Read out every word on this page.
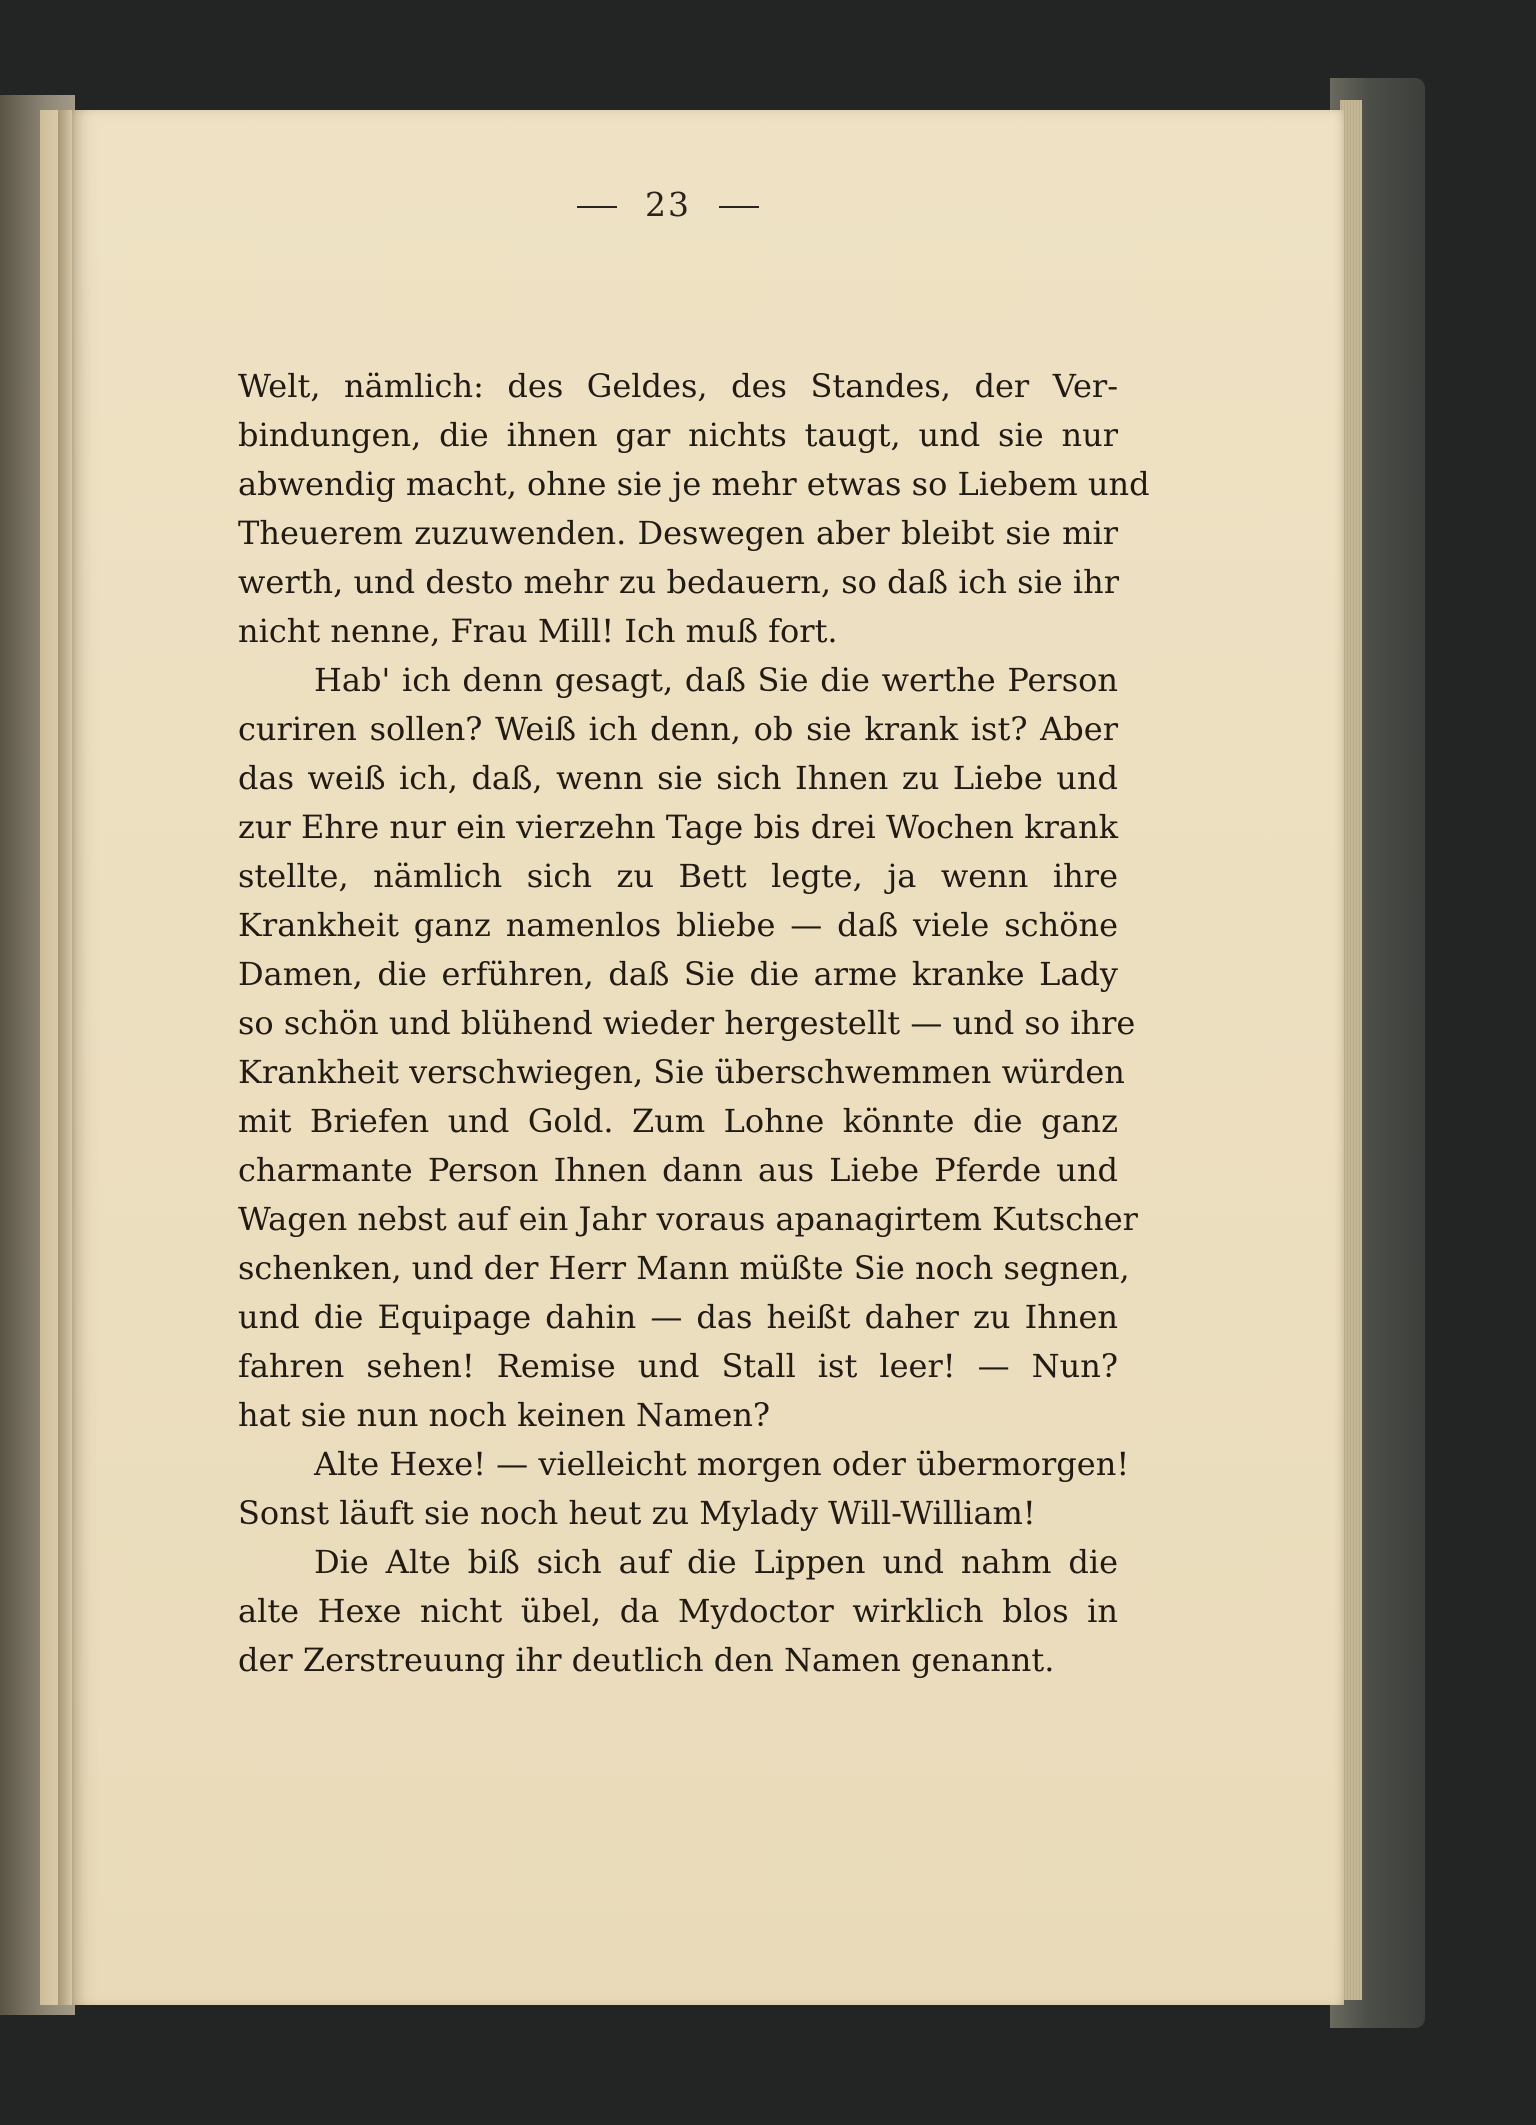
23
Welt, nämlich: des Geldes, des Standes, der Ver-
bindungen, die ihnen gar nichts taugt, und sie nur
abwendig macht, ohne sie je mehr etwas so Liebem und
Theuerem zuzuwenden. Deswegen aber bleibt sie mir
werth, und desto mehr zu bedauern, so daß ich sie ihr
nicht nenne, Frau Mill! Ich muß fort.
Hab' ich denn gesagt, daß Sie die werthe Person
curiren sollen? Weiß ich denn, ob sie krank ist? Aber
das weiß ich, daß, wenn sie sich Ihnen zu Liebe und
zur Ehre nur ein vierzehn Tage bis drei Wochen krank
stellte, nämlich sich zu Bett legte, ja wenn ihre
Krankheit ganz namenlos bliebe — daß viele schöne
Damen, die erführen, daß Sie die arme kranke Lady
so schön und blühend wieder hergestellt — und so ihre
Krankheit verschwiegen, Sie überschwemmen würden
mit Briefen und Gold. Zum Lohne könnte die ganz
charmante Person Ihnen dann aus Liebe Pferde und
Wagen nebst auf ein Jahr voraus apanagirtem Kutscher
schenken, und der Herr Mann müßte Sie noch segnen,
und die Equipage dahin — das heißt daher zu Ihnen
fahren sehen! Remise und Stall ist leer! — Nun?
hat sie nun noch keinen Namen?
Alte Hexe! — vielleicht morgen oder übermorgen!
Sonst läuft sie noch heut zu Mylady Will-William!
Die Alte biß sich auf die Lippen und nahm die
alte Hexe nicht übel, da Mydoctor wirklich blos in
der Zerstreuung ihr deutlich den Namen genannt.
